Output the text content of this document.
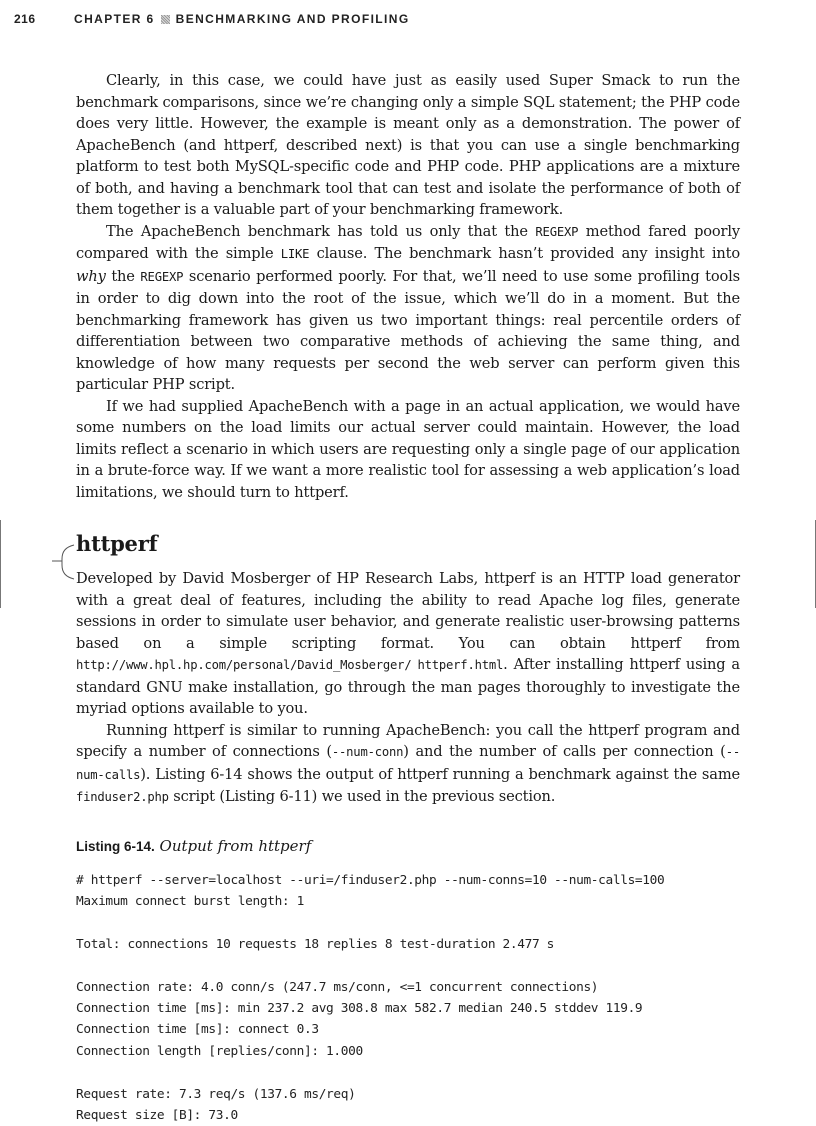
216	CHAPTER 6 BENCHMARKING AND PROFILING

Clearly, in this case, we could have just as easily used Super Smack to run the benchmark comparisons, since we’re changing only a simple SQL statement; the PHP code does very little. However, the example is meant only as a demonstration. The power of ApacheBench (and httperf, described next) is that you can use a single benchmarking platform to test both MySQL-specific code and PHP code. PHP applications are a mixture of both, and having a benchmark tool that can test and isolate the performance of both of them together is a valuable part of your benchmarking framework.

The ApacheBench benchmark has told us only that the REGEXP method fared poorly compared with the simple LIKE clause. The benchmark hasn’t provided any insight into why the REGEXP scenario performed poorly. For that, we’ll need to use some profiling tools in order to dig down into the root of the issue, which we’ll do in a moment. But the benchmarking framework has given us two important things: real percentile orders of differentiation between two comparative methods of achieving the same thing, and knowledge of how many requests per second the web server can perform given this particular PHP script.

If we had supplied ApacheBench with a page in an actual application, we would have some numbers on the load limits our actual server could maintain. However, the load limits reflect a scenario in which users are requesting only a single page of our application in a brute-force way. If we want a more realistic tool for assessing a web application’s load limitations, we should turn to httperf.

httperf

Developed by David Mosberger of HP Research Labs, httperf is an HTTP load generator with a great deal of features, including the ability to read Apache log files, generate sessions in order to simulate user behavior, and generate realistic user-browsing patterns based on a simple scripting format. You can obtain httperf from http://www.hpl.hp.com/personal/David_Mosberger/ httperf.html. After installing httperf using a standard GNU make installation, go through the man pages thoroughly to investigate the myriad options available to you.

Running httperf is similar to running ApacheBench: you call the httperf program and specify a number of connections (--num-conn) and the number of calls per connection (--num-calls). Listing 6-14 shows the output of httperf running a benchmark against the same finduser2.php script (Listing 6-11) we used in the previous section.

Listing 6-14. Output from httperf
# httperf --server=localhost --uri=/finduser2.php --num-conns=10 --num-calls=100
Maximum connect burst length: 1

Total: connections 10 requests 18 replies 8 test-duration 2.477 s

Connection rate: 4.0 conn/s (247.7 ms/conn, <=1 concurrent connections)
Connection time [ms]: min 237.2 avg 308.8 max 582.7 median 240.5 stddev 119.9
Connection time [ms]: connect 0.3
Connection length [replies/conn]: 1.000

Request rate: 7.3 req/s (137.6 ms/req)
Request size [B]: 73.0
